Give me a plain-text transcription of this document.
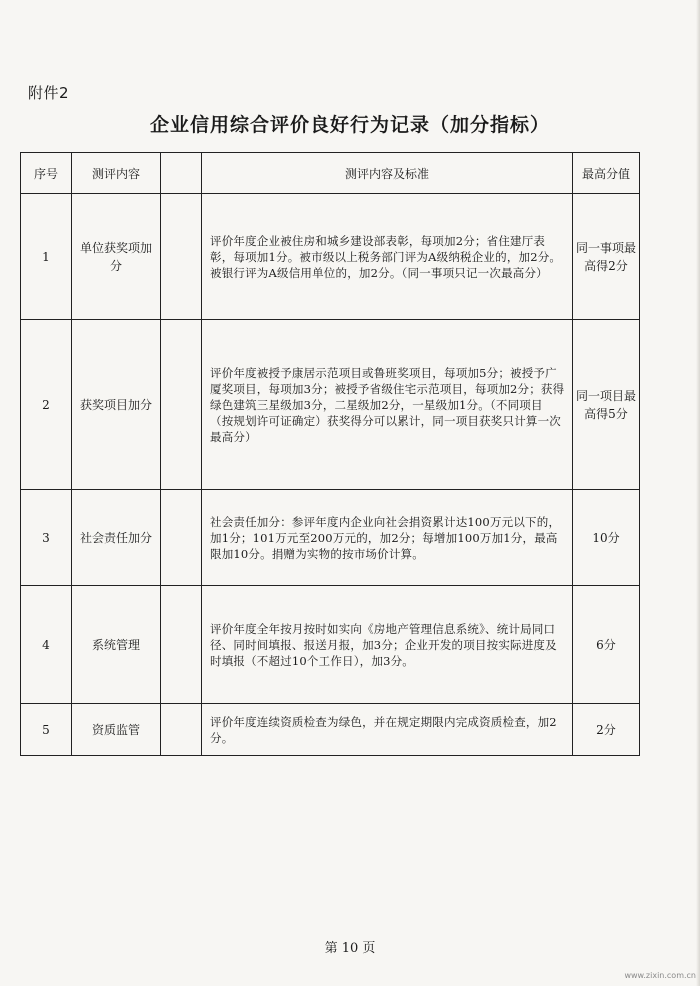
附件2
企业信用综合评价良好行为记录（加分指标）
序号	测评内容		测评内容及标准	最高分值
1	单位获奖项加分		评价年度企业被住房和城乡建设部表彰，每项加2分；省住建厅表彰，每项加1分。被市级以上税务部门评为A级纳税企业的，加2分。被银行评为A级信用单位的，加2分。（同一事项只记一次最高分）	同一事项最高得2分
2	获奖项目加分		评价年度被授予康居示范项目或鲁班奖项目，每项加5分；被授予广厦奖项目，每项加3分；被授予省级住宅示范项目，每项加2分；获得绿色建筑三星级加3分，二星级加2分，一星级加1分。（不同项目（按规划许可证确定）获奖得分可以累计，同一项目获奖只计算一次最高分）	同一项目最高得5分
3	社会责任加分		社会责任加分：参评年度内企业向社会捐资累计达100万元以下的，加1分；101万元至200万元的，加2分；每增加100万加1分，最高限加10分。捐赠为实物的按市场价计算。	10分
4	系统管理		评价年度全年按月按时如实向《房地产管理信息系统》、统计局同口径、同时间填报、报送月报，加3分；企业开发的项目按实际进度及时填报（不超过10个工作日），加3分。	6分
5	资质监管		评价年度连续资质检查为绿色，并在规定期限内完成资质检查，加2分。	2分
第 10 页
www.zixin.com.cn
